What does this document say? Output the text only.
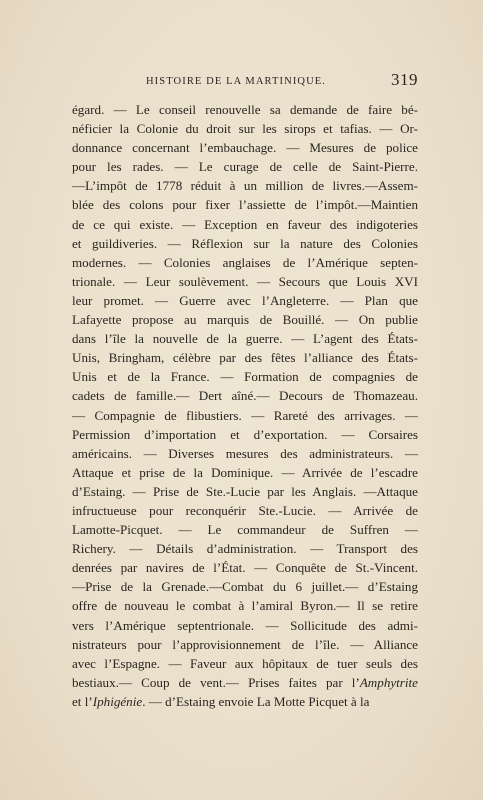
HISTOIRE DE LA MARTINIQUE.	319
égard. — Le conseil renouvelle sa demande de faire bé-
néficier la Colonie du droit sur les sirops et tafias. — Or-
donnance concernant l’embauchage. — Mesures de police
pour les rades. — Le curage de celle de Saint-Pierre.
—L’impôt de 1778 réduit à un million de livres.—Assem-
blée des colons pour fixer l’assiette de l’impôt.—Maintien
de ce qui existe. — Exception en faveur des indigoteries
et guildiveries. — Réflexion sur la nature des Colonies
modernes. — Colonies anglaises de l’Amérique septen-
trionale. — Leur soulèvement. — Secours que Louis XVI
leur promet. — Guerre avec l’Angleterre. — Plan que
Lafayette propose au marquis de Bouillé. — On publie
dans l’île la nouvelle de la guerre. — L’agent des États-
Unis, Bringham, célèbre par des fêtes l’alliance des États-
Unis et de la France. — Formation de compagnies de
cadets de famille.— Dert aîné.— Decours de Thomazeau.
— Compagnie de flibustiers. — Rareté des arrivages. —
Permission d’importation et d’exportation. — Corsaires
américains. — Diverses mesures des administrateurs. —
Attaque et prise de la Dominique. — Arrivée de l’escadre
d’Estaing. — Prise de Ste.-Lucie par les Anglais. —Attaque
infructueuse pour reconquérir Ste.-Lucie. — Arrivée de
Lamotte-Picquet. — Le commandeur de Suffren —
Richery. — Détails d’administration. — Transport des
denrées par navires de l’État. — Conquête de St.-Vincent.
—Prise de la Grenade.—Combat du 6 juillet.— d’Estaing
offre de nouveau le combat à l’amiral Byron.— Il se retire
vers l’Amérique septentrionale. — Sollicitude des admi-
nistrateurs pour l’approvisionnement de l’île. — Alliance
avec l’Espagne. — Faveur aux hôpitaux de tuer seuls des
bestiaux.— Coup de vent.— Prises faites par l’Amphytrite
et l’Iphigénie. — d’Estaing envoie La Motte Picquet à la
